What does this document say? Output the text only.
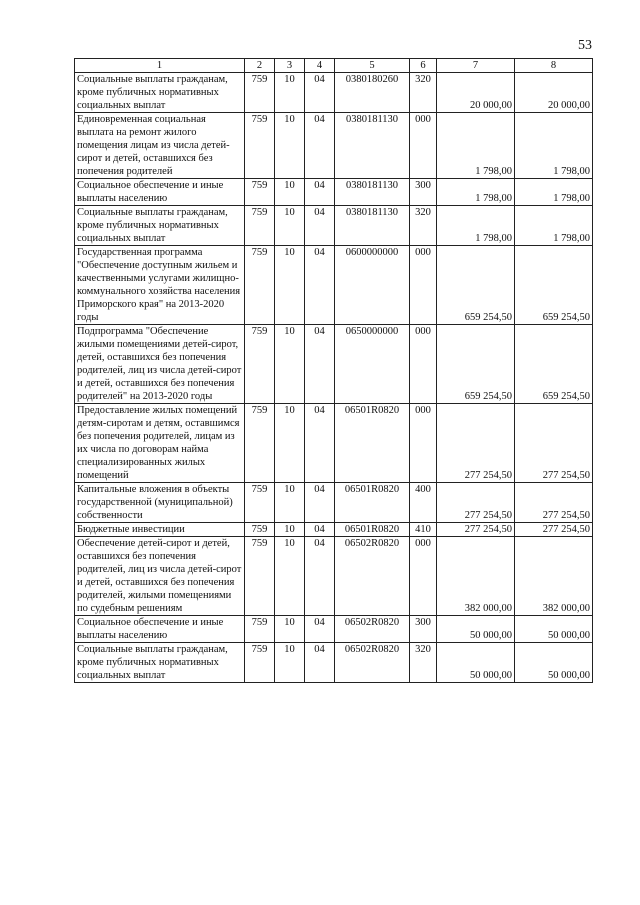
53
1	2	3	4	5	6	7	8
Социальные выплаты гражданам, кроме публичных нормативных социальных выплат	759	10	04	0380180260	320	20 000,00	20 000,00
Единовременная социальная выплата на ремонт жилого помещения лицам из числа детей-сирот и детей, оставшихся без попечения родителей	759	10	04	0380181130	000	1 798,00	1 798,00
Социальное обеспечение и иные выплаты населению	759	10	04	0380181130	300	1 798,00	1 798,00
Социальные выплаты гражданам, кроме публичных нормативных социальных выплат	759	10	04	0380181130	320	1 798,00	1 798,00
Государственная программа "Обеспечение доступным жильем и качественными услугами жилищно-коммунального хозяйства населения Приморского края" на 2013-2020 годы	759	10	04	0600000000	000	659 254,50	659 254,50
Подпрограмма "Обеспечение жилыми помещениями детей-сирот, детей, оставшихся без попечения родителей, лиц из числа детей-сирот и детей, оставшихся без попечения родителей" на 2013-2020 годы	759	10	04	0650000000	000	659 254,50	659 254,50
Предоставление жилых помещений детям-сиротам и детям, оставшимся без попечения родителей, лицам из их числа по договорам найма специализированных жилых помещений	759	10	04	06501R0820	000	277 254,50	277 254,50
Капитальные вложения в объекты государственной (муниципальной) собственности	759	10	04	06501R0820	400	277 254,50	277 254,50
Бюджетные инвестиции	759	10	04	06501R0820	410	277 254,50	277 254,50
Обеспечение детей-сирот и детей, оставшихся без попечения родителей, лиц из числа детей-сирот и детей, оставшихся без попечения родителей, жилыми помещениями по судебным решениям	759	10	04	06502R0820	000	382 000,00	382 000,00
Социальное обеспечение и иные выплаты населению	759	10	04	06502R0820	300	50 000,00	50 000,00
Социальные выплаты гражданам, кроме публичных нормативных социальных выплат	759	10	04	06502R0820	320	50 000,00	50 000,00
